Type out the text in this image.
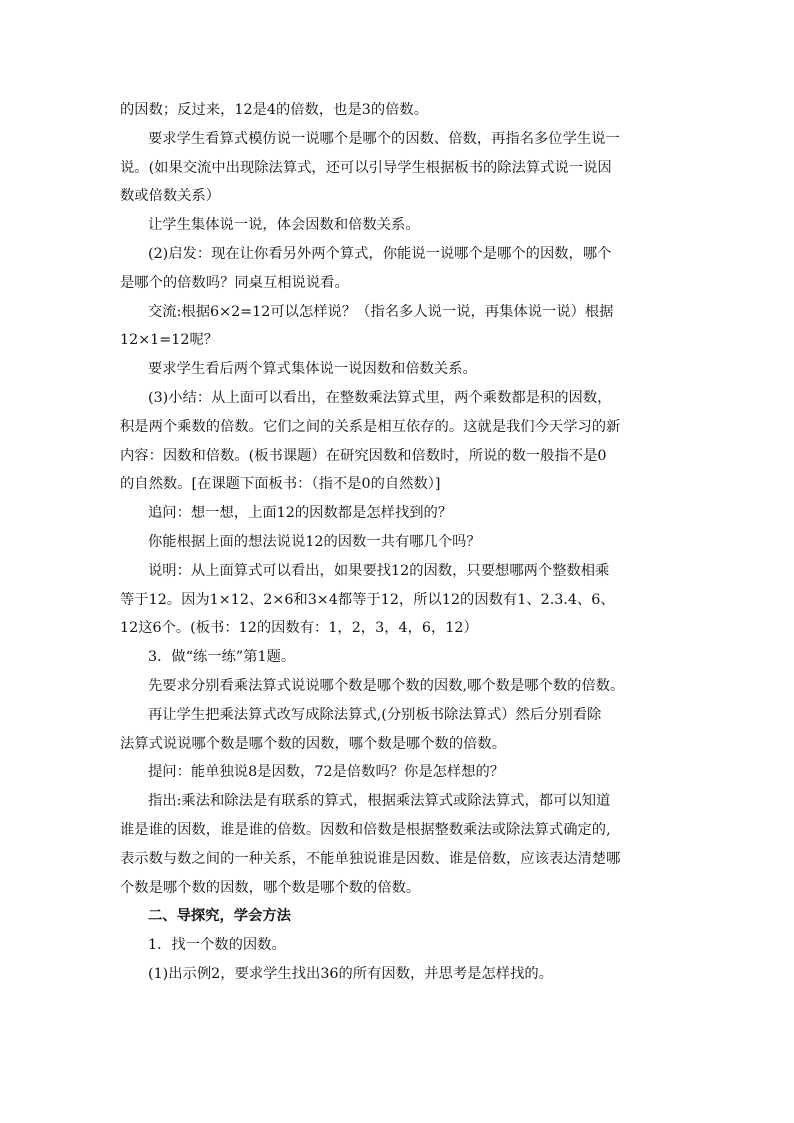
的因数；反过来，12是4的倍数，也是3的倍数。

要求学生看算式模仿说一说哪个是哪个的因数、倍数，再指名多位学生说一

说。(如果交流中出现除法算式，还可以引导学生根据板书的除法算式说一说因

数或倍数关系）

让学生集体说一说，体会因数和倍数关系。

(2)启发：现在让你看另外两个算式，你能说一说哪个是哪个的因数，哪个

是哪个的倍数吗？同桌互相说说看。

交流:根据6×2=12可以怎样说？（指名多人说一说，再集体说一说）根据

12×1=12呢？

要求学生看后两个算式集体说一说因数和倍数关系。

(3)小结：从上面可以看出，在整数乘法算式里，两个乘数都是积的因数，

积是两个乘数的倍数。它们之间的关系是相互依存的。这就是我们今天学习的新

内容：因数和倍数。(板书课题）在研究因数和倍数时，所说的数一般指不是0

的自然数。[在课题下面板书：（指不是0的自然数）]

追问：想一想，上面12的因数都是怎样找到的？

你能根据上面的想法说说12的因数一共有哪几个吗？

说明：从上面算式可以看出，如果要找12的因数，只要想哪两个整数相乘

等于12。因为1×12、2×6和3×4都等于12，所以12的因数有1、2.3.4、6、

12这6个。(板书：12的因数有：1，2，3，4，6，12）

3．做“练一练”第1题。

先要求分别看乘法算式说说哪个数是哪个数的因数,哪个数是哪个数的倍数。

再让学生把乘法算式改写成除法算式,(分别板书除法算式）然后分别看除

法算式说说哪个数是哪个数的因数，哪个数是哪个数的倍数。

提问：能单独说8是因数，72是倍数吗？你是怎样想的？

指出:乘法和除法是有联系的算式，根据乘法算式或除法算式，都可以知道

谁是谁的因数，谁是谁的倍数。因数和倍数是根据整数乘法或除法算式确定的,

表示数与数之间的一种关系，不能单独说谁是因数、谁是倍数，应该表达清楚哪

个数是哪个数的因数，哪个数是哪个数的倍数。

二、导探究，学会方法

1．找一个数的因数。

(1)出示例2，要求学生找出36的所有因数，并思考是怎样找的。
